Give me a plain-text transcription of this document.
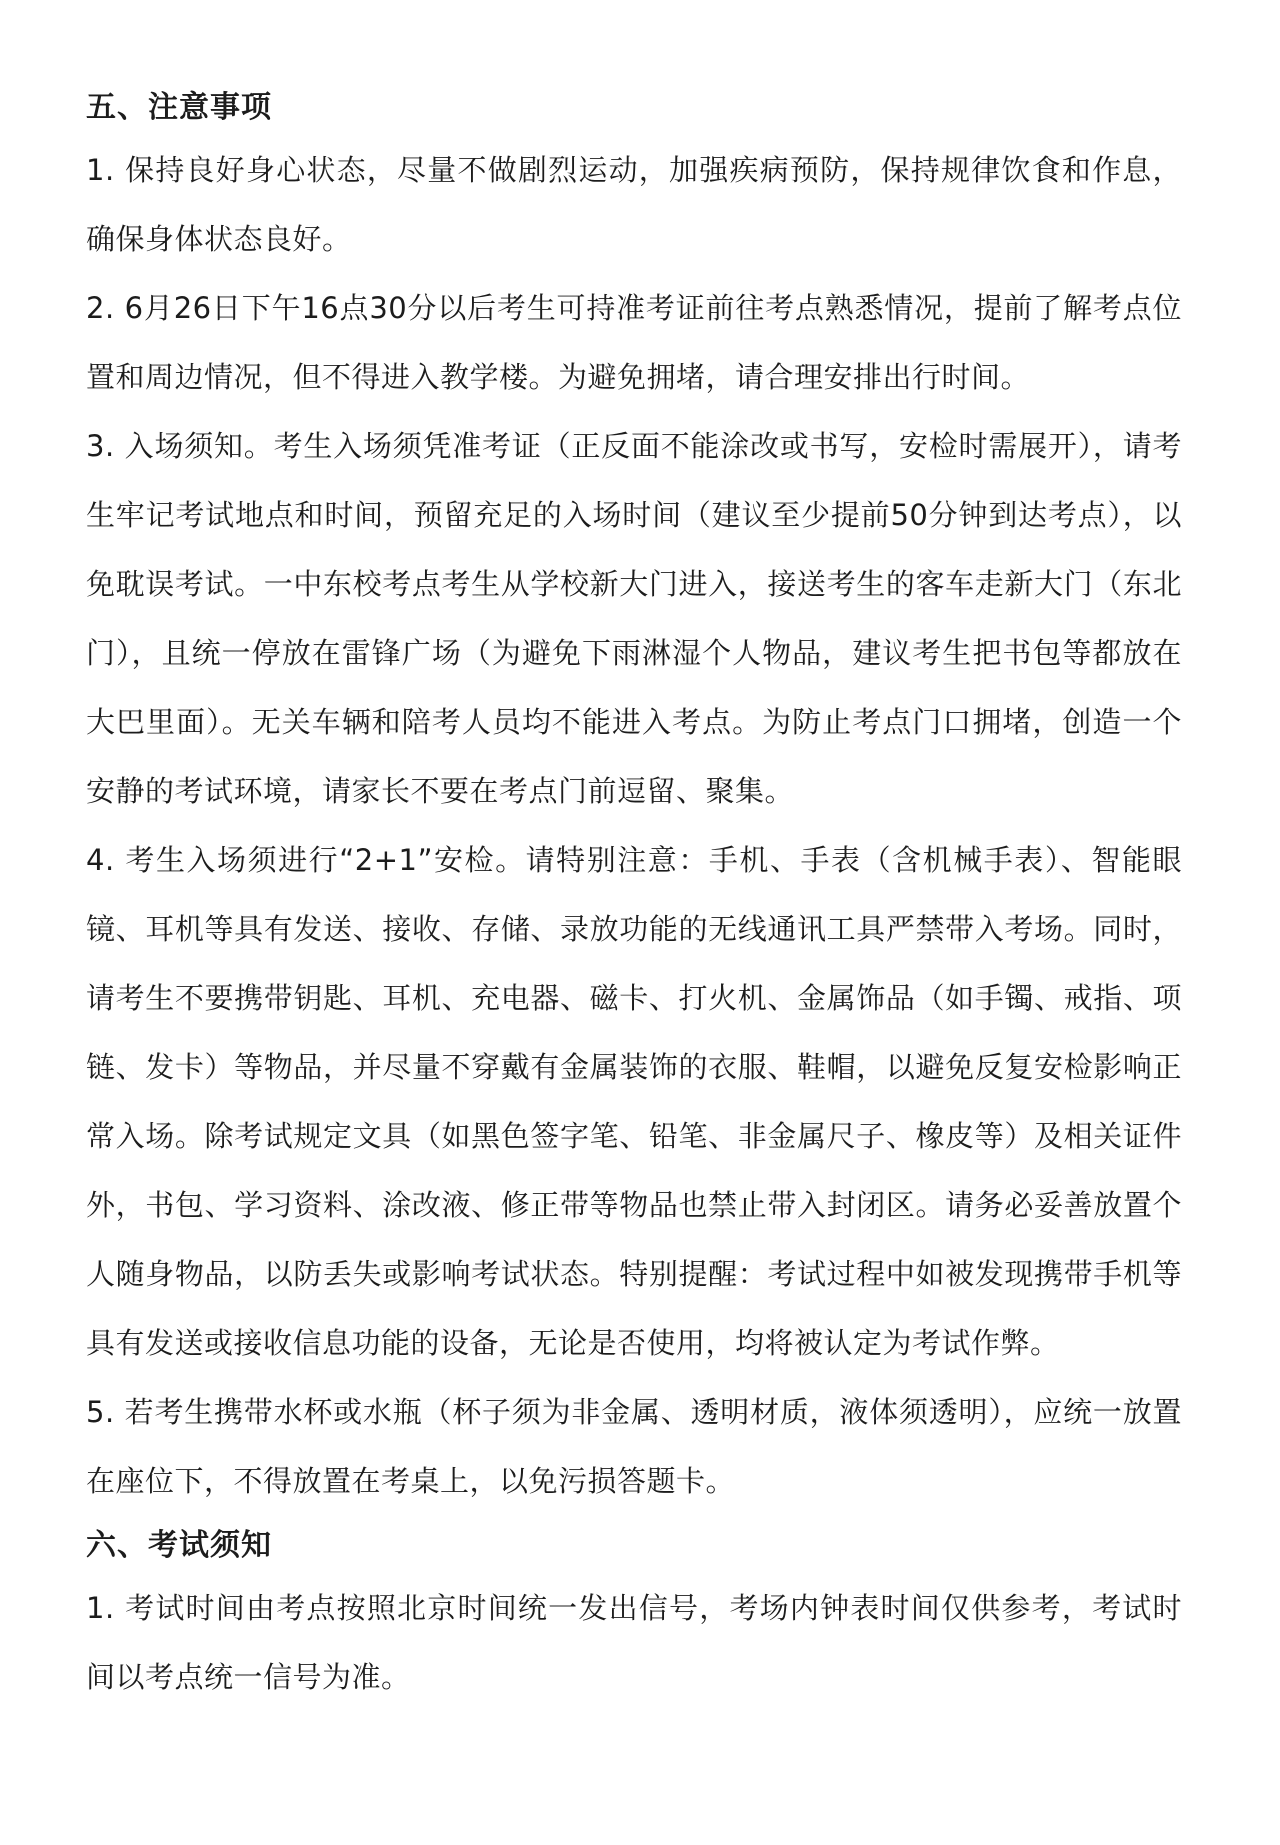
五、注意事项

1. 保持良好身心状态，尽量不做剧烈运动，加强疾病预防，保持规律饮食和作息，确保身体状态良好。

2. 6月26日下午16点30分以后考生可持准考证前往考点熟悉情况，提前了解考点位置和周边情况，但不得进入教学楼。为避免拥堵，请合理安排出行时间。

3. 入场须知。考生入场须凭准考证（正反面不能涂改或书写，安检时需展开），请考生牢记考试地点和时间，预留充足的入场时间（建议至少提前50分钟到达考点），以免耽误考试。一中东校考点考生从学校新大门进入，接送考生的客车走新大门（东北门），且统一停放在雷锋广场（为避免下雨淋湿个人物品，建议考生把书包等都放在大巴里面）。无关车辆和陪考人员均不能进入考点。为防止考点门口拥堵，创造一个安静的考试环境，请家长不要在考点门前逗留、聚集。

4. 考生入场须进行“2+1”安检。请特别注意：手机、手表（含机械手表）、智能眼镜、耳机等具有发送、接收、存储、录放功能的无线通讯工具严禁带入考场。同时，请考生不要携带钥匙、耳机、充电器、磁卡、打火机、金属饰品（如手镯、戒指、项链、发卡）等物品，并尽量不穿戴有金属装饰的衣服、鞋帽，以避免反复安检影响正常入场。除考试规定文具（如黑色签字笔、铅笔、非金属尺子、橡皮等）及相关证件外，书包、学习资料、涂改液、修正带等物品也禁止带入封闭区。请务必妥善放置个人随身物品，以防丢失或影响考试状态。特别提醒：考试过程中如被发现携带手机等具有发送或接收信息功能的设备，无论是否使用，均将被认定为考试作弊。

5. 若考生携带水杯或水瓶（杯子须为非金属、透明材质，液体须透明），应统一放置在座位下，不得放置在考桌上，以免污损答题卡。

六、考试须知

1. 考试时间由考点按照北京时间统一发出信号，考场内钟表时间仅供参考，考试时间以考点统一信号为准。
